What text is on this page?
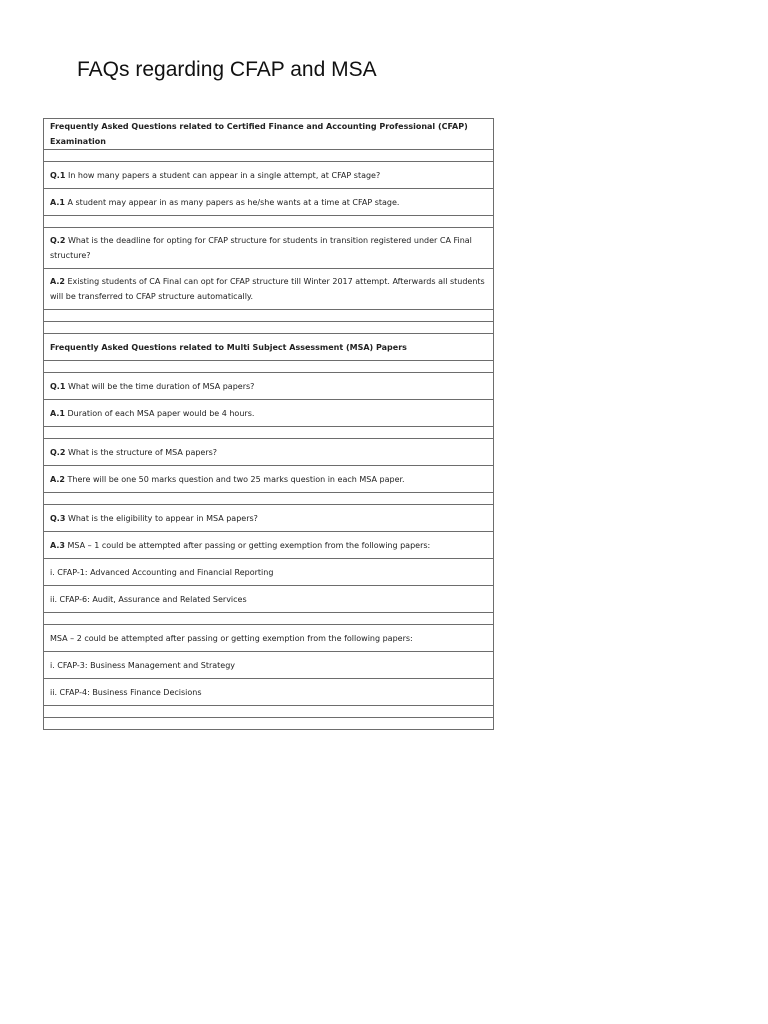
FAQs regarding CFAP and MSA
Frequently Asked Questions related to Certified Finance and Accounting Professional (CFAP) Examination

Q.1 In how many papers a student can appear in a single attempt, at CFAP stage?
A.1 A student may appear in as many papers as he/she wants at a time at CFAP stage.

Q.2 What is the deadline for opting for CFAP structure for students in transition registered under CA Final structure?
A.2 Existing students of CA Final can opt for CFAP structure till Winter 2017 attempt. Afterwards all students will be transferred to CFAP structure automatically.

Frequently Asked Questions related to Multi Subject Assessment (MSA) Papers

Q.1 What will be the time duration of MSA papers?
A.1 Duration of each MSA paper would be 4 hours.

Q.2 What is the structure of MSA papers?
A.2 There will be one 50 marks question and two 25 marks question in each MSA paper.

Q.3 What is the eligibility to appear in MSA papers?
A.3 MSA – 1 could be attempted after passing or getting exemption from the following papers:
i. CFAP-1: Advanced Accounting and Financial Reporting
ii. CFAP-6: Audit, Assurance and Related Services

MSA – 2 could be attempted after passing or getting exemption from the following papers:
i. CFAP-3: Business Management and Strategy
ii. CFAP-4: Business Finance Decisions
